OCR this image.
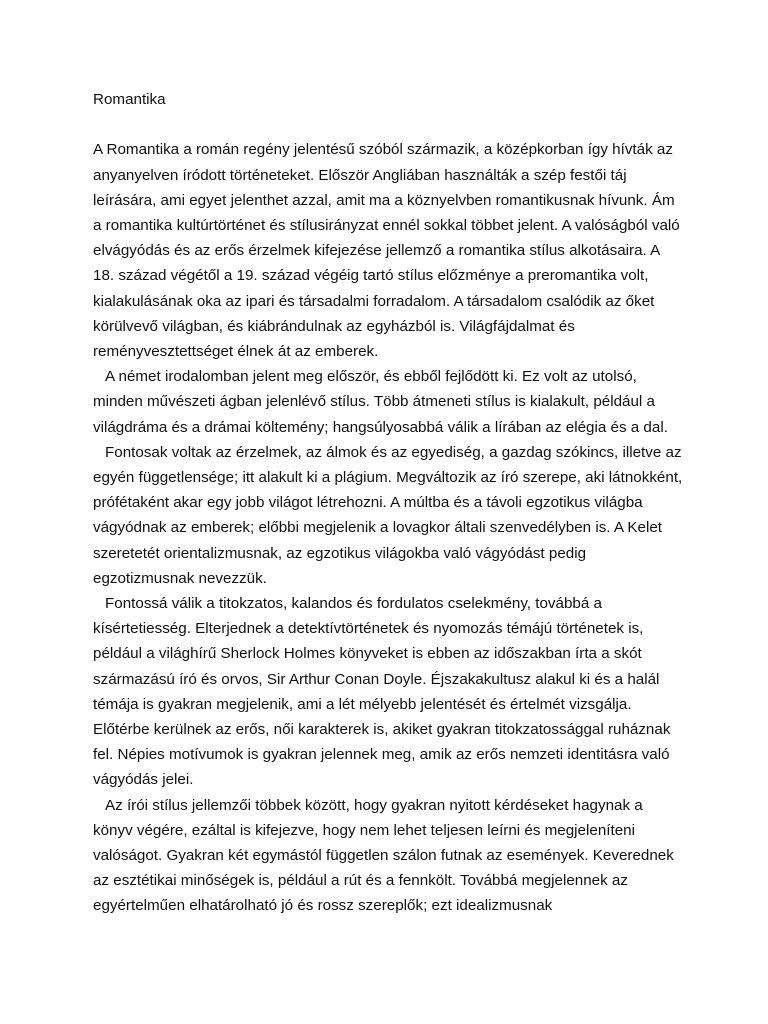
Romantika

A Romantika a román regény jelentésű szóból származik, a középkorban így hívták az anyanyelven íródott történeteket. Először Angliában használták a szép festői táj leírására, ami egyet jelenthet azzal, amit ma a köznyelvben romantikusnak hívunk. Ám a romantika kultúrtörténet és stílusirányzat ennél sokkal többet jelent. A valóságból való elvágyódás és az erős érzelmek kifejezése jellemző a romantika stílus alkotásaira. A 18. század végétől a 19. század végéig tartó stílus előzménye a preromantika volt, kialakulásának oka az ipari és társadalmi forradalom. A társadalom csalódik az őket körülvevő világban, és kiábrándulnak az egyházból is. Világfájdalmat és reményvesztettséget élnek át az emberek.

A német irodalomban jelent meg először, és ebből fejlődött ki. Ez volt az utolsó, minden művészeti ágban jelenlévő stílus. Több átmeneti stílus is kialakult, például a világdráma és a drámai költemény; hangsúlyosabbá válik a lírában az elégia és a dal.

Fontosak voltak az érzelmek, az álmok és az egyediség, a gazdag szókincs, illetve az egyén függetlensége; itt alakult ki a plágium. Megváltozik az író szerepe, aki látnokként, prófétaként akar egy jobb világot létrehozni. A múltba és a távoli egzotikus világba vágyódnak az emberek; előbbi megjelenik a lovagkor általi szenvedélyben is. A Kelet szeretetét orientalizmusnak, az egzotikus világokba való vágyódást pedig egzotizmusnak nevezzük.

Fontossá válik a titokzatos, kalandos és fordulatos cselekmény, továbbá a kísértetiesség. Elterjednek a detektívtörténetek és nyomozás témájú történetek is, például a világhírű Sherlock Holmes könyveket is ebben az időszakban írta a skót származású író és orvos, Sir Arthur Conan Doyle. Éjszakakultusz alakul ki és a halál témája is gyakran megjelenik, ami a lét mélyebb jelentését és értelmét vizsgálja. Előtérbe kerülnek az erős, női karakterek is, akiket gyakran titokzatossággal ruháznak fel. Népies motívumok is gyakran jelennek meg, amik az erős nemzeti identitásra való vágyódás jelei.

Az írói stílus jellemzői többek között, hogy gyakran nyitott kérdéseket hagynak a könyv végére, ezáltal is kifejezve, hogy nem lehet teljesen leírni és megjeleníteni valóságot. Gyakran két egymástól független szálon futnak az események. Keverednek az esztétikai minőségek is, például a rút és a fennkölt. Továbbá megjelennek az egyértelműen elhatárolható jó és rossz szereplők; ezt idealizmusnak
